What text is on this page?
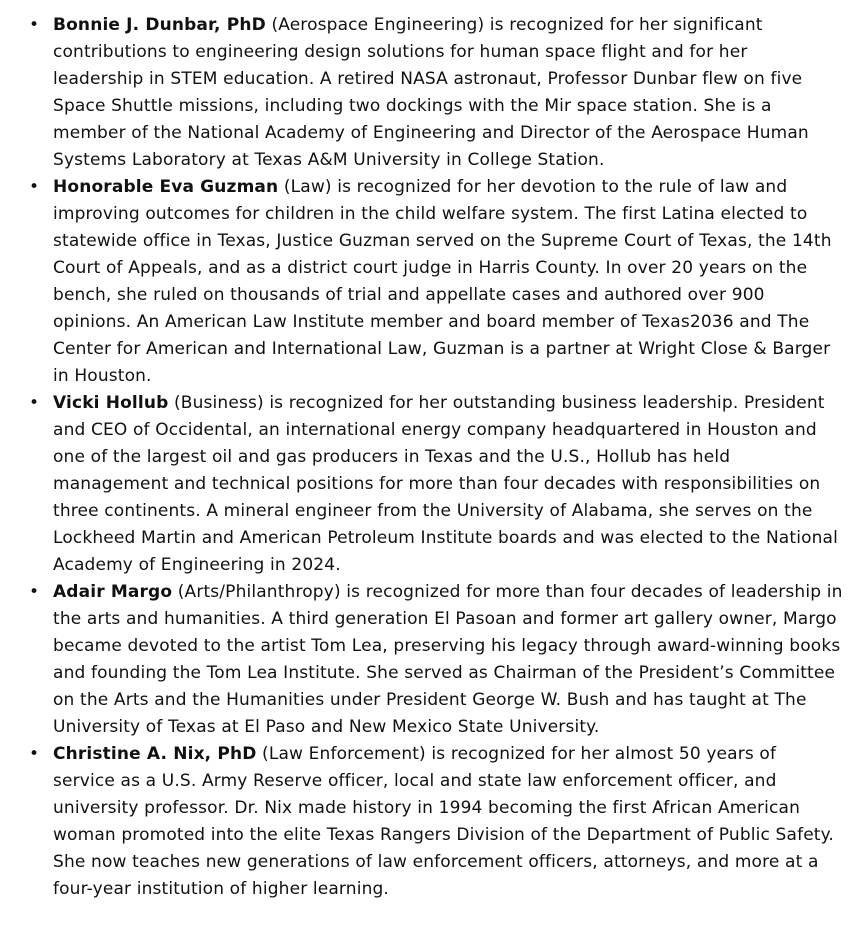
• Bonnie J. Dunbar, PhD (Aerospace Engineering) is recognized for her significant contributions to engineering design solutions for human space flight and for her leadership in STEM education. A retired NASA astronaut, Professor Dunbar flew on five Space Shuttle missions, including two dockings with the Mir space station. She is a member of the National Academy of Engineering and Director of the Aerospace Human Systems Laboratory at Texas A&M University in College Station.
• Honorable Eva Guzman (Law) is recognized for her devotion to the rule of law and improving outcomes for children in the child welfare system. The first Latina elected to statewide office in Texas, Justice Guzman served on the Supreme Court of Texas, the 14th Court of Appeals, and as a district court judge in Harris County. In over 20 years on the bench, she ruled on thousands of trial and appellate cases and authored over 900 opinions. An American Law Institute member and board member of Texas2036 and The Center for American and International Law, Guzman is a partner at Wright Close & Barger in Houston.
• Vicki Hollub (Business) is recognized for her outstanding business leadership. President and CEO of Occidental, an international energy company headquartered in Houston and one of the largest oil and gas producers in Texas and the U.S., Hollub has held management and technical positions for more than four decades with responsibilities on three continents. A mineral engineer from the University of Alabama, she serves on the Lockheed Martin and American Petroleum Institute boards and was elected to the National Academy of Engineering in 2024.
• Adair Margo (Arts/Philanthropy) is recognized for more than four decades of leadership in the arts and humanities. A third generation El Pasoan and former art gallery owner, Margo became devoted to the artist Tom Lea, preserving his legacy through award-winning books and founding the Tom Lea Institute. She served as Chairman of the President’s Committee on the Arts and the Humanities under President George W. Bush and has taught at The University of Texas at El Paso and New Mexico State University.
• Christine A. Nix, PhD (Law Enforcement) is recognized for her almost 50 years of service as a U.S. Army Reserve officer, local and state law enforcement officer, and university professor. Dr. Nix made history in 1994 becoming the first African American woman promoted into the elite Texas Rangers Division of the Department of Public Safety. She now teaches new generations of law enforcement officers, attorneys, and more at a four-year institution of higher learning.
